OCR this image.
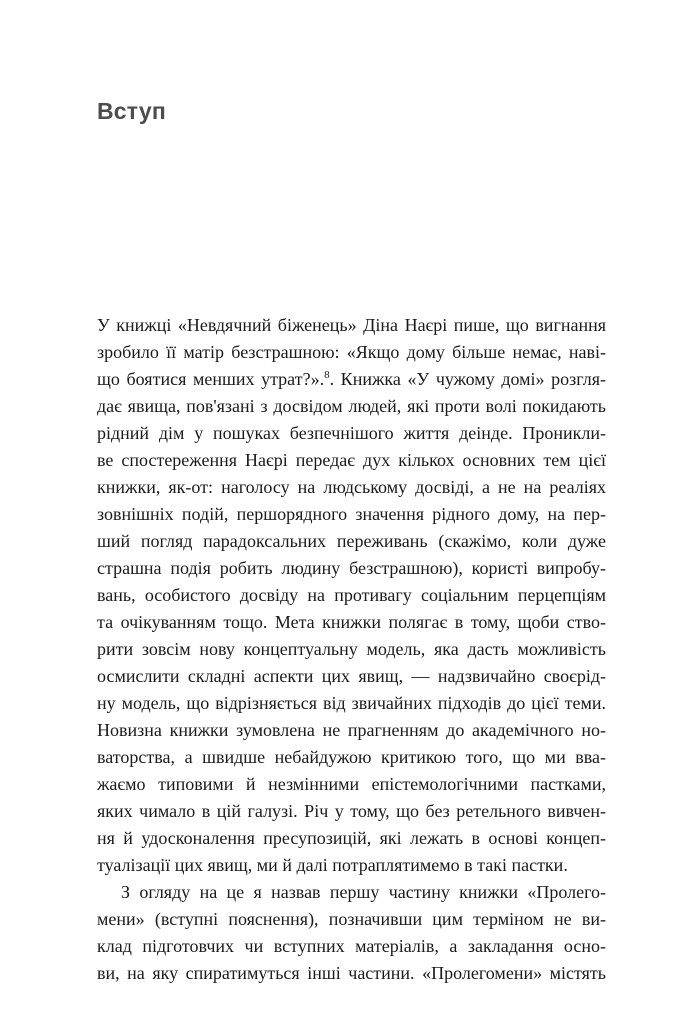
Вступ
У книжці «Невдячний біженець» Діна Наєрі пише, що вигнання
зробило її матір безстрашною: «Якщо дому більше немає, наві-
що боятися менших утрат?».$^8$. Книжка «У чужому домі» розгля-
дає явища, пов'язані з досвідом людей, які проти волі покидають
рідний дім у пошуках безпечнішого життя деінде. Проникли-
ве спостереження Наєрі передає дух кількох основних тем цієї
книжки, як-от: наголосу на людському досвіді, а не на реаліях
зовнішніх подій, першорядного значення рідного дому, на пер-
ший погляд парадоксальних переживань (скажімо, коли дуже
страшна подія робить людину безстрашною), користі випробу-
вань, особистого досвіду на противагу соціальним перцепціям
та очікуванням тощо. Мета книжки полягає в тому, щоби ство-
рити зовсім нову концептуальну модель, яка дасть можливість
осмислити складні аспекти цих явищ, — надзвичайно своєрід-
ну модель, що відрізняється від звичайних підходів до цієї теми.
Новизна книжки зумовлена не прагненням до академічного но-
ваторства, а швидше небайдужою критикою того, що ми вва-
жаємо типовими й незмінними епістемологічними пастками,
яких чимало в цій галузі. Річ у тому, що без ретельного вивчен-
ня й удосконалення пресупозицій, які лежать в основі концеп-
туалізації цих явищ, ми й далі потраплятимемо в такі пастки.
З огляду на це я назвав першу частину книжки «Пролего-
мени» (вступні пояснення), позначивши цим терміном не ви-
клад підготовчих чи вступних матеріалів, а закладання осно-
ви, на яку спиратимуться інші частини. «Пролегомени» містять
